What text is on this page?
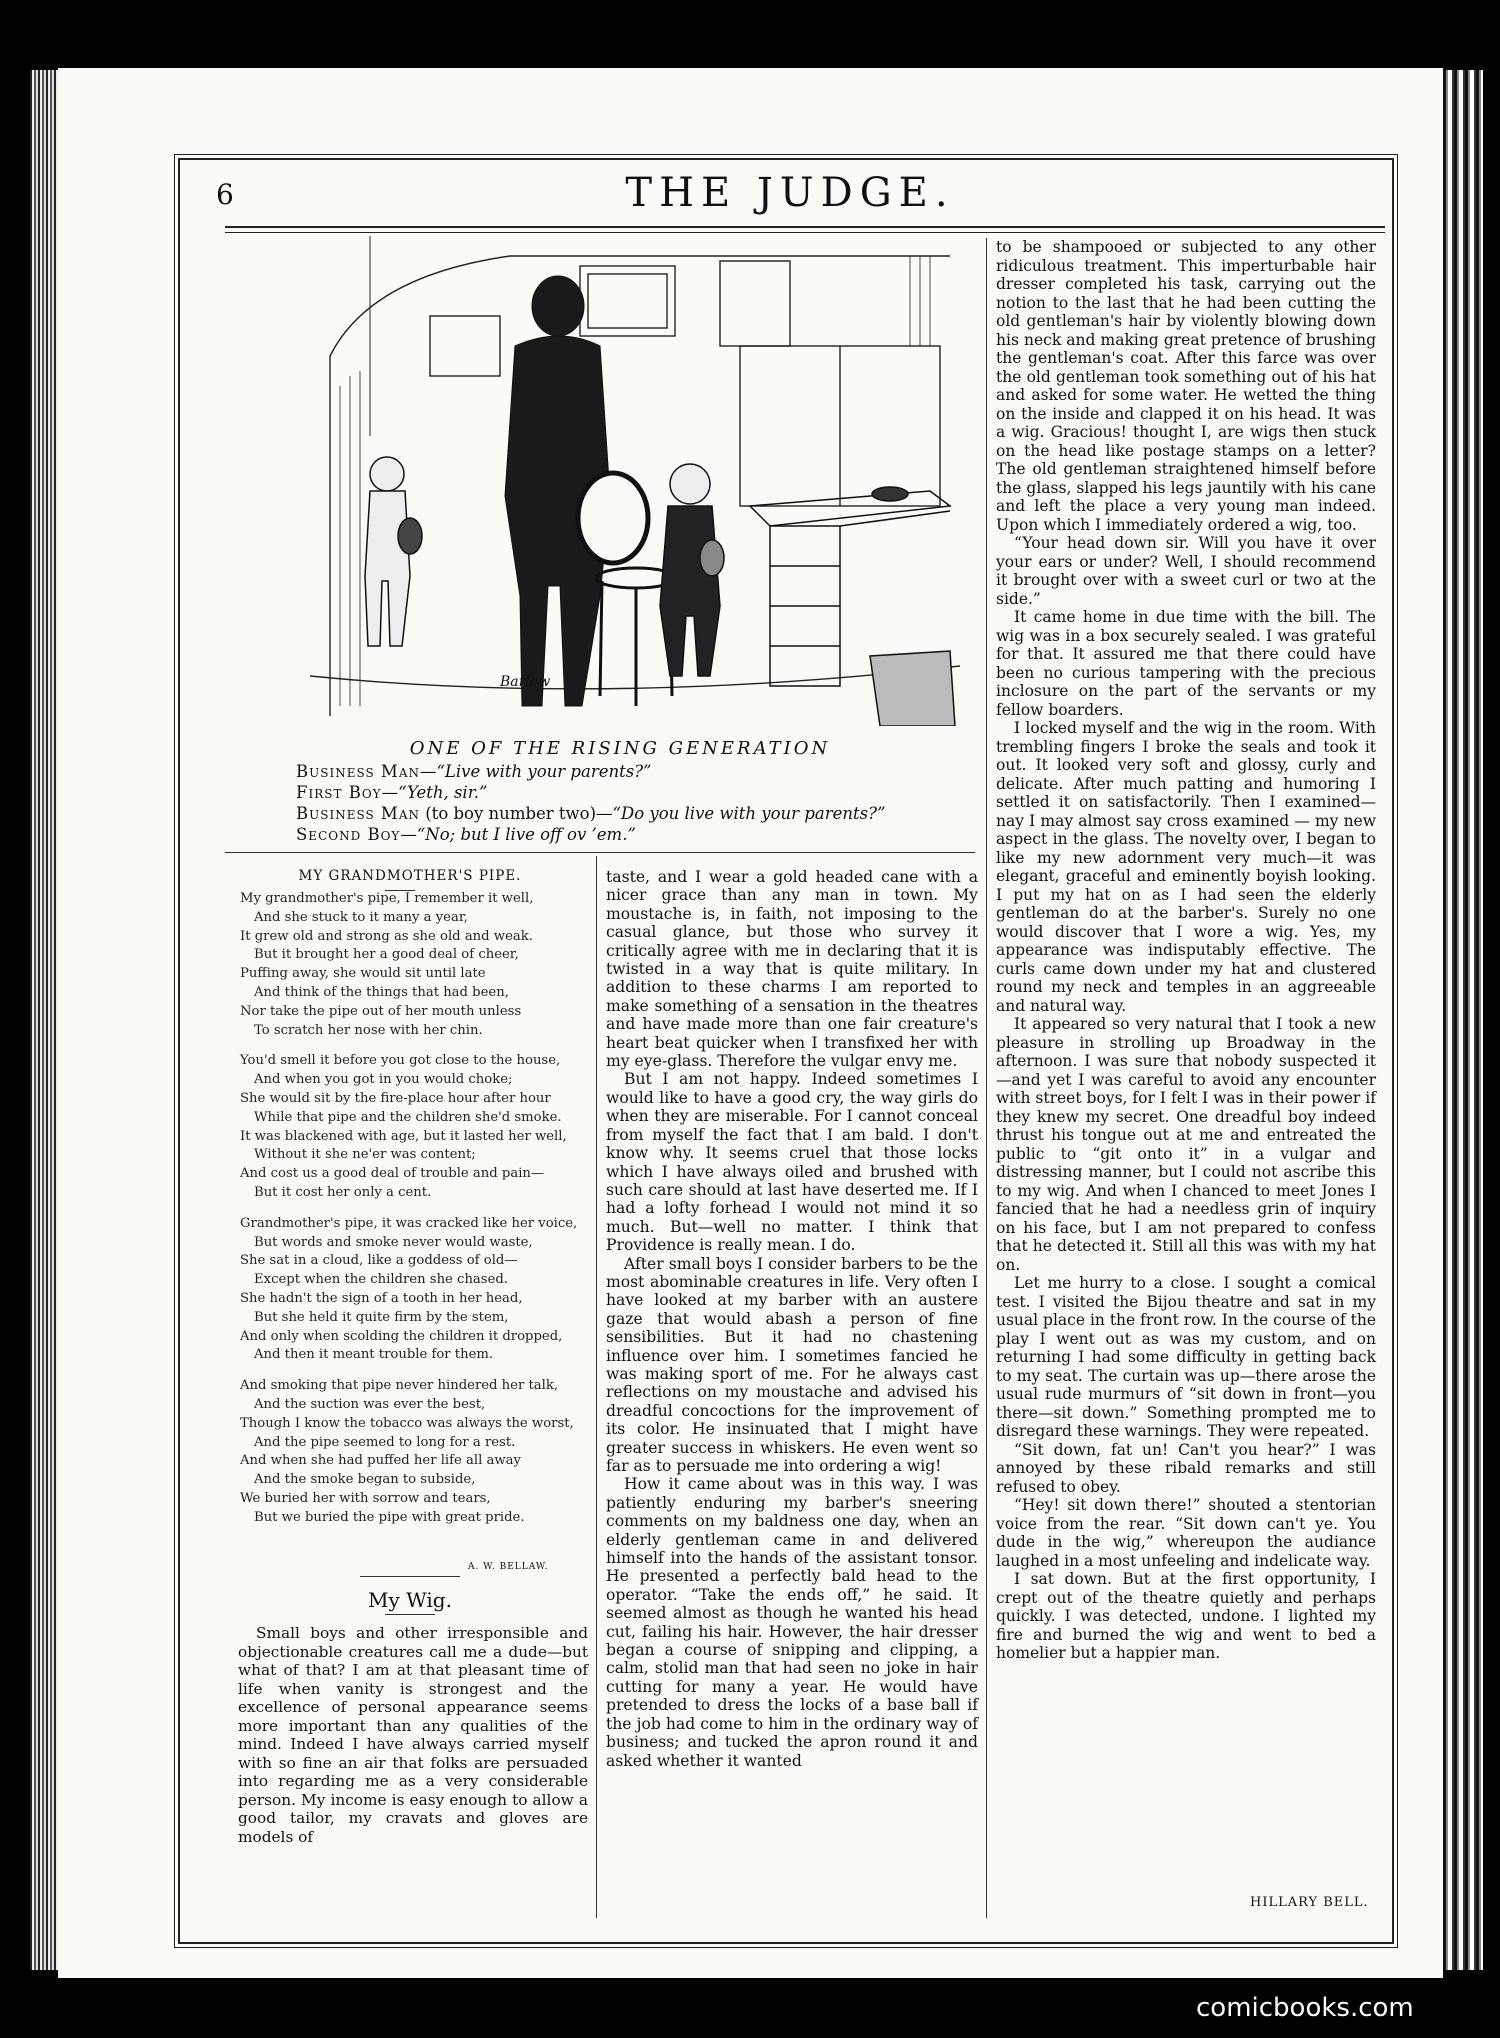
6	THE JUDGE.
Barlow
ONE OF THE RISING GENERATION
Business Man—“Live with your parents?”
First Boy—“Yeth, sir.”
Business Man (to boy number two)—“Do you live with your parents?”
Second Boy—“No; but I live off ov ’em.”
MY GRANDMOTHER'S PIPE.
My grandmother's pipe, I remember it well,
And she stuck to it many a year,
It grew old and strong as she old and weak.
But it brought her a good deal of cheer,
Puffing away, she would sit until late
And think of the things that had been,
Nor take the pipe out of her mouth unless
To scratch her nose with her chin.
You'd smell it before you got close to the house,
And when you got in you would choke;
She would sit by the fire-place hour after hour
While that pipe and the children she'd smoke.
It was blackened with age, but it lasted her well,
Without it she ne'er was content;
And cost us a good deal of trouble and pain—
But it cost her only a cent.
Grandmother's pipe, it was cracked like her voice,
But words and smoke never would waste,
She sat in a cloud, like a goddess of old—
Except when the children she chased.
She hadn't the sign of a tooth in her head,
But she held it quite firm by the stem,
And only when scolding the children it dropped,
And then it meant trouble for them.
And smoking that pipe never hindered her talk,
And the suction was ever the best,
Though I know the tobacco was always the worst,
And the pipe seemed to long for a rest.
And when she had puffed her life all away
And the smoke began to subside,
We buried her with sorrow and tears,
But we buried the pipe with great pride.
A. W. BELLAW.
My Wig.

Small boys and other irresponsible and objectionable creatures call me a dude—but what of that? I am at that pleasant time of life when vanity is strongest and the excellence of personal appearance seems more important than any qualities of the mind. Indeed I have always carried myself with so fine an air that folks are persuaded into regarding me as a very considerable person. My income is easy enough to allow a good tailor, my cravats and gloves are models of

taste, and I wear a gold headed cane with a nicer grace than any man in town. My moustache is, in faith, not imposing to the casual glance, but those who survey it critically agree with me in declaring that it is twisted in a way that is quite military. In addition to these charms I am reported to make something of a sensation in the theatres and have made more than one fair creature's heart beat quicker when I transfixed her with my eye-glass. Therefore the vulgar envy me.

But I am not happy. Indeed sometimes I would like to have a good cry, the way girls do when they are miserable. For I cannot conceal from myself the fact that I am bald. I don't know why. It seems cruel that those locks which I have always oiled and brushed with such care should at last have deserted me. If I had a lofty forhead I would not mind it so much. But—well no matter. I think that Providence is really mean. I do.

After small boys I consider barbers to be the most abominable creatures in life. Very often I have looked at my barber with an austere gaze that would abash a person of fine sensibilities. But it had no chastening influence over him. I sometimes fancied he was making sport of me. For he always cast reflections on my moustache and advised his dreadful concoctions for the improvement of its color. He insinuated that I might have greater success in whiskers. He even went so far as to persuade me into ordering a wig!

How it came about was in this way. I was patiently enduring my barber's sneering comments on my baldness one day, when an elderly gentleman came in and delivered himself into the hands of the assistant tonsor. He presented a perfectly bald head to the operator. “Take the ends off,” he said. It seemed almost as though he wanted his head cut, failing his hair. However, the hair dresser began a course of snipping and clipping, a calm, stolid man that had seen no joke in hair cutting for many a year. He would have pretended to dress the locks of a base ball if the job had come to him in the ordinary way of business; and tucked the apron round it and asked whether it wanted

to be shampooed or subjected to any other ridiculous treatment. This imperturbable hair dresser completed his task, carrying out the notion to the last that he had been cutting the old gentleman's hair by violently blowing down his neck and making great pretence of brushing the gentleman's coat. After this farce was over the old gentleman took something out of his hat and asked for some water. He wetted the thing on the inside and clapped it on his head. It was a wig. Gracious! thought I, are wigs then stuck on the head like postage stamps on a letter? The old gentleman straightened himself before the glass, slapped his legs jauntily with his cane and left the place a very young man indeed. Upon which I immediately ordered a wig, too.

“Your head down sir. Will you have it over your ears or under? Well, I should recommend it brought over with a sweet curl or two at the side.”

It came home in due time with the bill. The wig was in a box securely sealed. I was grateful for that. It assured me that there could have been no curious tampering with the precious inclosure on the part of the servants or my fellow boarders.

I locked myself and the wig in the room. With trembling fingers I broke the seals and took it out. It looked very soft and glossy, curly and delicate. After much patting and humoring I settled it on satisfactorily. Then I examined—nay I may almost say cross examined — my new aspect in the glass. The novelty over, I began to like my new adornment very much—it was elegant, graceful and eminently boyish looking. I put my hat on as I had seen the elderly gentleman do at the barber's. Surely no one would discover that I wore a wig. Yes, my appearance was indisputably effective. The curls came down under my hat and clustered round my neck and temples in an aggreeable and natural way.

It appeared so very natural that I took a new pleasure in strolling up Broadway in the afternoon. I was sure that nobody suspected it—and yet I was careful to avoid any encounter with street boys, for I felt I was in their power if they knew my secret. One dreadful boy indeed thrust his tongue out at me and entreated the public to “git onto it” in a vulgar and distressing manner, but I could not ascribe this to my wig. And when I chanced to meet Jones I fancied that he had a needless grin of inquiry on his face, but I am not prepared to confess that he detected it. Still all this was with my hat on.

Let me hurry to a close. I sought a comical test. I visited the Bijou theatre and sat in my usual place in the front row. In the course of the play I went out as was my custom, and on returning I had some difficulty in getting back to my seat. The curtain was up—there arose the usual rude murmurs of “sit down in front—you there—sit down.” Something prompted me to disregard these warnings. They were repeated.

“Sit down, fat un! Can't you hear?” I was annoyed by these ribald remarks and still refused to obey.

“Hey! sit down there!” shouted a stentorian voice from the rear. “Sit down can't ye. You dude in the wig,” whereupon the audiance laughed in a most unfeeling and indelicate way.

I sat down. But at the first opportunity, I crept out of the theatre quietly and perhaps quickly. I was detected, undone. I lighted my fire and burned the wig and went to bed a homelier but a happier man.

HILLARY BELL.
comicbooks.com
